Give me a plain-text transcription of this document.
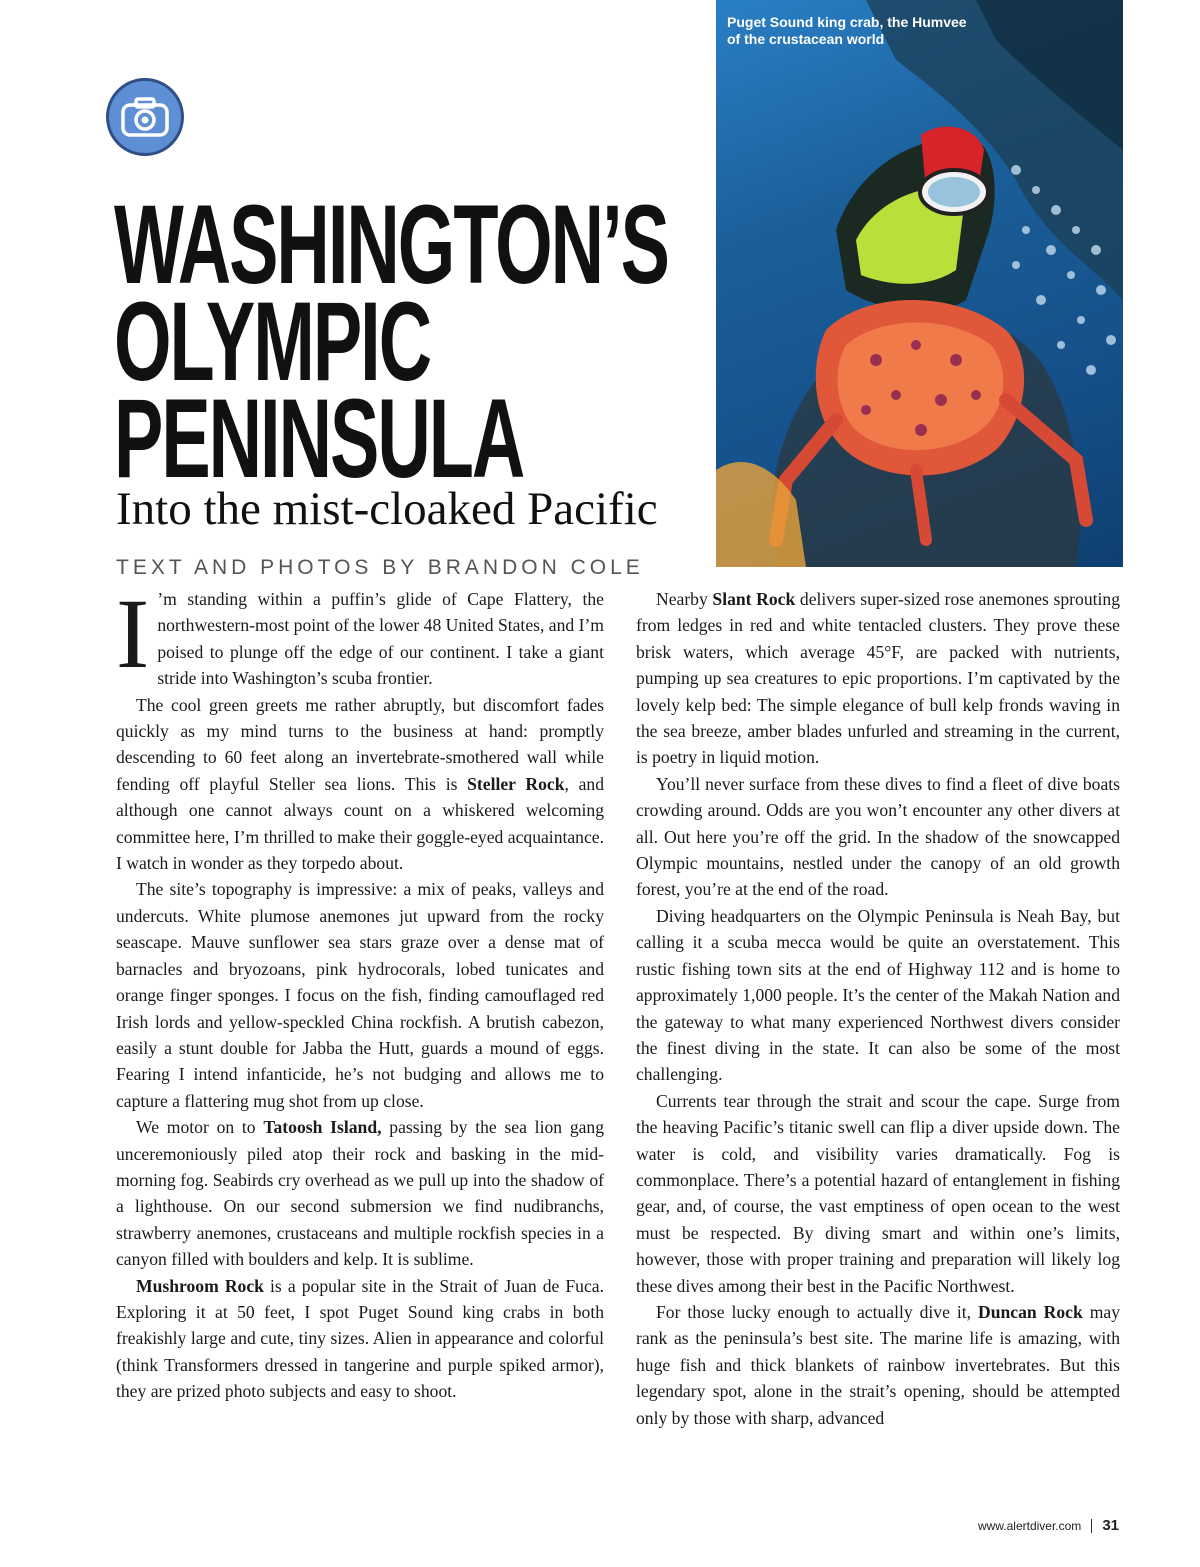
Puget Sound king crab, the Humvee
of the crustacean world
WASHINGTON’S
OLYMPIC
PENINSULA
Into the mist-cloaked Pacific
TEXT AND PHOTOS BY BRANDON COLE

I ’m standing within a puffin’s glide of Cape Flattery, the northwestern-most point of the lower 48 United States, and I’m poised to plunge off the edge of our continent. I take a giant stride into Washington’s scuba frontier.

The cool green greets me rather abruptly, but discomfort fades quickly as my mind turns to the business at hand: promptly descending to 60 feet along an invertebrate-smothered wall while fending off playful Steller sea lions. This is Steller Rock, and although one cannot always count on a whiskered welcoming committee here, I’m thrilled to make their goggle-eyed acquaintance. I watch in wonder as they torpedo about.

The site’s topography is impressive: a mix of peaks, valleys and undercuts. White plumose anemones jut upward from the rocky seascape. Mauve sunflower sea stars graze over a dense mat of barnacles and bryozoans, pink hydrocorals, lobed tunicates and orange finger sponges. I focus on the fish, finding camouflaged red Irish lords and yellow-speckled China rockfish. A brutish cabezon, easily a stunt double for Jabba the Hutt, guards a mound of eggs. Fearing I intend infanticide, he’s not budging and allows me to capture a flattering mug shot from up close.

We motor on to Tatoosh Island, passing by the sea lion gang unceremoniously piled atop their rock and basking in the mid-morning fog. Seabirds cry overhead as we pull up into the shadow of a lighthouse. On our second submersion we find nudibranchs, strawberry anemones, crustaceans and multiple rockfish species in a canyon filled with boulders and kelp. It is sublime.

Mushroom Rock is a popular site in the Strait of Juan de Fuca. Exploring it at 50 feet, I spot Puget Sound king crabs in both freakishly large and cute, tiny sizes. Alien in appearance and colorful (think Transformers dressed in tangerine and purple spiked armor), they are prized photo subjects and easy to shoot.

Nearby Slant Rock delivers super-sized rose anemones sprouting from ledges in red and white tentacled clusters. They prove these brisk waters, which average 45°F, are packed with nutrients, pumping up sea creatures to epic proportions. I’m captivated by the lovely kelp bed: The simple elegance of bull kelp fronds waving in the sea breeze, amber blades unfurled and streaming in the current, is poetry in liquid motion.

You’ll never surface from these dives to find a fleet of dive boats crowding around. Odds are you won’t encounter any other divers at all. Out here you’re off the grid. In the shadow of the snowcapped Olympic mountains, nestled under the canopy of an old growth forest, you’re at the end of the road.

Diving headquarters on the Olympic Peninsula is Neah Bay, but calling it a scuba mecca would be quite an overstatement. This rustic fishing town sits at the end of Highway 112 and is home to approximately 1,000 people. It’s the center of the Makah Nation and the gateway to what many experienced Northwest divers consider the finest diving in the state. It can also be some of the most challenging.

Currents tear through the strait and scour the cape. Surge from the heaving Pacific’s titanic swell can flip a diver upside down. The water is cold, and visibility varies dramatically. Fog is commonplace. There’s a potential hazard of entanglement in fishing gear, and, of course, the vast emptiness of open ocean to the west must be respected. By diving smart and within one’s limits, however, those with proper training and preparation will likely log these dives among their best in the Pacific Northwest.

For those lucky enough to actually dive it, Duncan Rock may rank as the peninsula’s best site. The marine life is amazing, with huge fish and thick blankets of rainbow invertebrates. But this legendary spot, alone in the strait’s opening, should be attempted only by those with sharp, advanced

www.alertdiver.com 31
